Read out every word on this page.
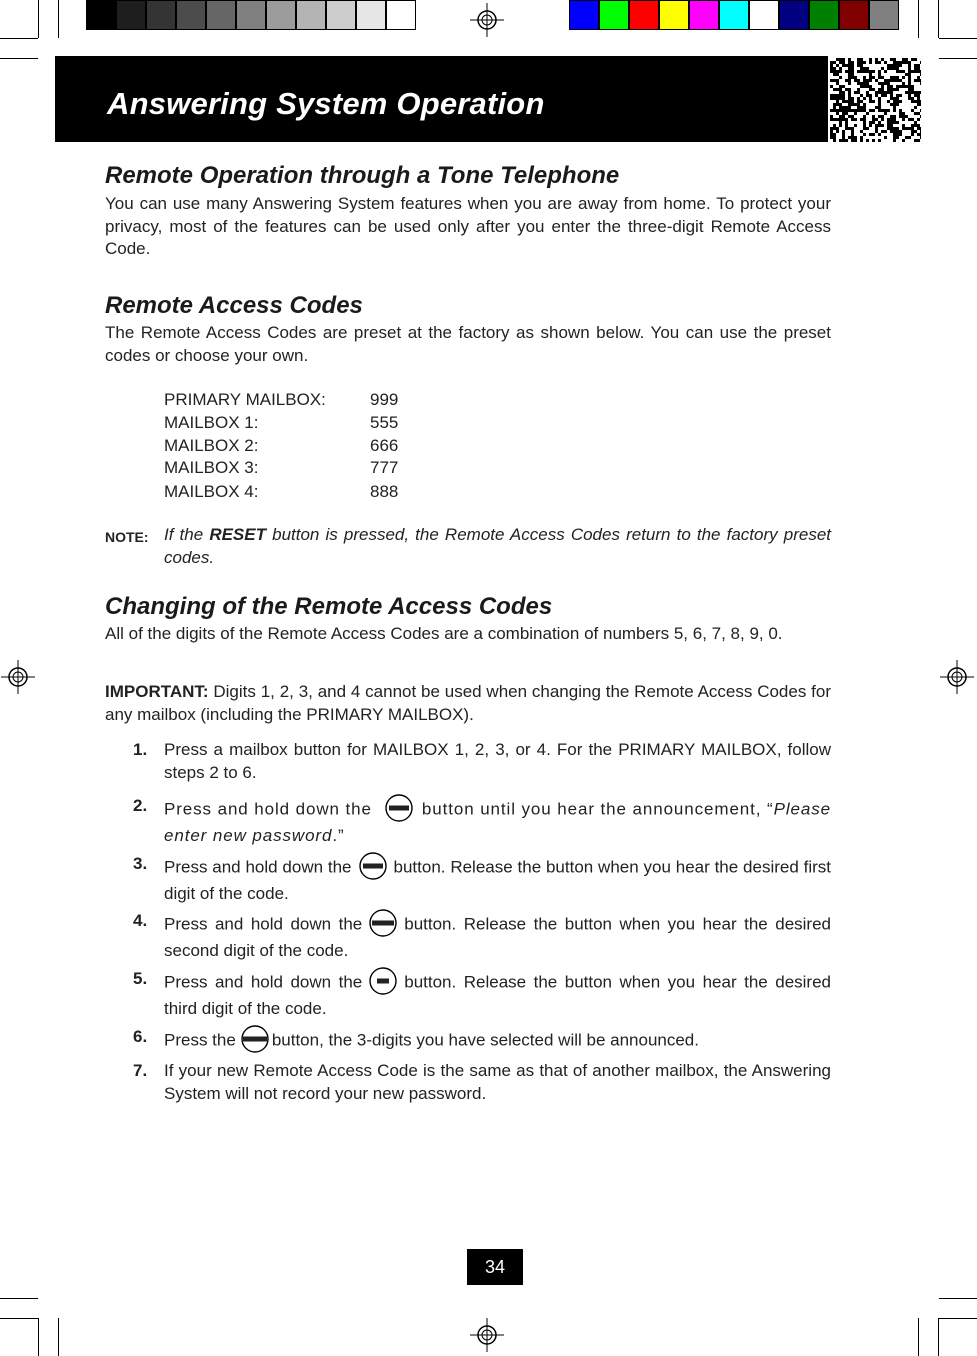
Answering System Operation
Remote Operation through a Tone Telephone
You can use many Answering System features when you are away from home. To protect your privacy, most of the features can be used only after you enter the three-digit Remote Access Code.
Remote Access Codes
The Remote Access Codes are preset at the factory as shown below. You can use the preset codes or choose your own.
PRIMARY MAILBOX:	999
MAILBOX 1:	555
MAILBOX 2:	666
MAILBOX 3:	777
MAILBOX 4:	888
NOTE: If the RESET button is pressed, the Remote Access Codes return to the factory preset codes.
Changing of the Remote Access Codes
All of the digits of the Remote Access Codes are a combination of numbers 5, 6, 7, 8, 9, 0.
IMPORTANT: Digits 1, 2, 3, and 4 cannot be used when changing the Remote Access Codes for any mailbox (including the PRIMARY MAILBOX).
1. Press a mailbox button for MAILBOX 1, 2, 3, or 4. For the PRIMARY MAILBOX, follow steps 2 to 6.
2. Press and hold down the	button until you hear the announcement, “Please enter new password.”
3. Press and hold down the button. Release the button when you hear the desired first digit of the code.
4. Press and hold down the button. Release the button when you hear the desired second digit of the code.
5. Press and hold down the button. Release the button when you hear the desired third digit of the code.
6. Press the button, the 3-digits you have selected will be announced.
7. If your new Remote Access Code is the same as that of another mailbox, the Answering System will not record your new password.
34
